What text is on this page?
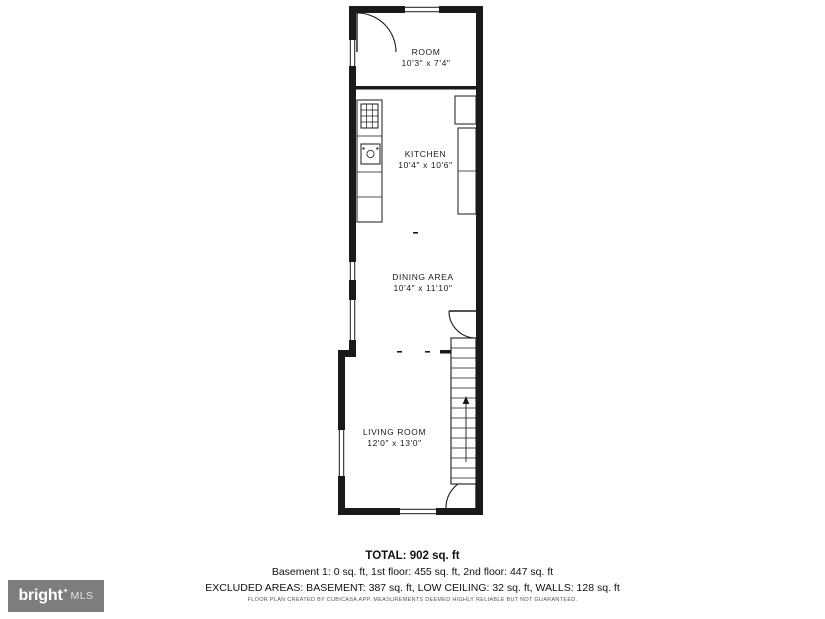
ROOM
10'3" x 7'4"
KITCHEN
10'4" x 10'6"
DINING AREA
10'4" x 11'10"
LIVING ROOM
12'0" x 13'0"
TOTAL: 902 sq. ft
Basement 1: 0 sq. ft, 1st floor: 455 sq. ft, 2nd floor: 447 sq. ft
EXCLUDED AREAS: BASEMENT: 387 sq. ft, LOW CEILING: 32 sq. ft, WALLS: 128 sq. ft
FLOOR PLAN CREATED BY CUBICASA APP. MEASUREMENTS DEEMED HIGHLY RELIABLE BUT NOT GUARANTEED.
bright ✦ MLS
